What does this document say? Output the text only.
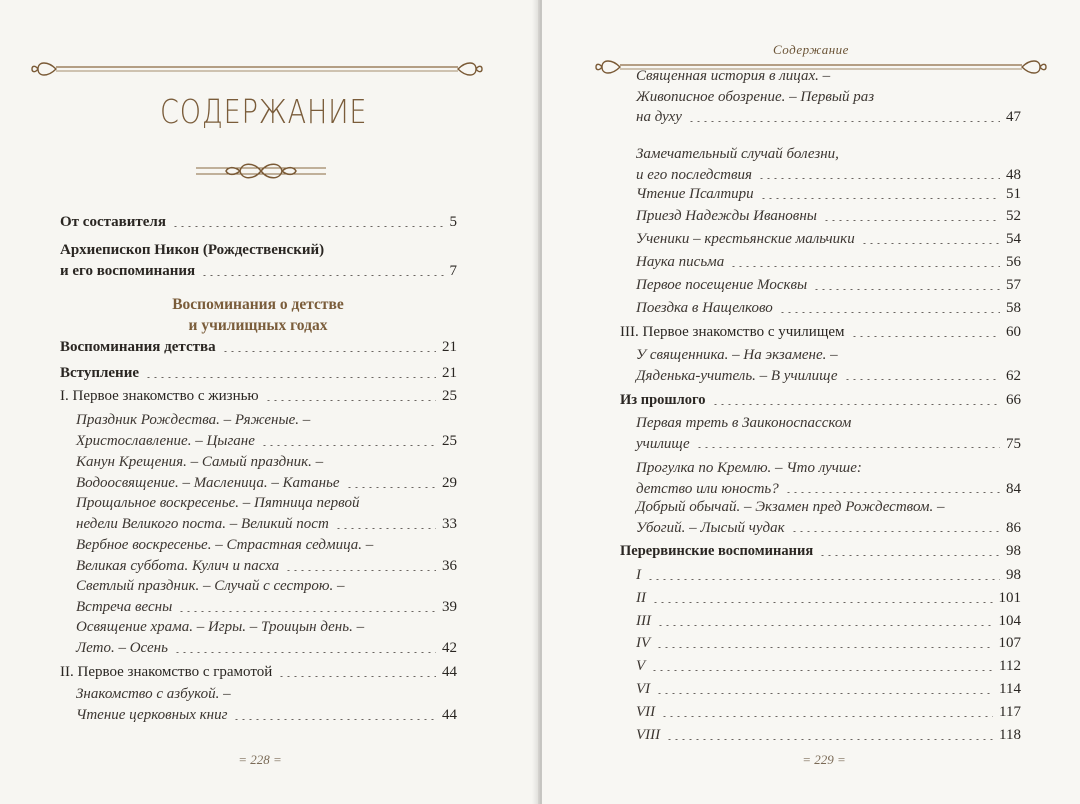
СОДЕРЖАНИЕ
От составителя	5
Архиепископ Никон (Рождественский)
и его воспоминания	7
Воспоминания о детстве
и училищных годах
Воспоминания детства	21
Вступление	21
I. Первое знакомство с жизнью	25
Праздник Рождества. – Ряженые. –
Христославление. – Цыгане	25
Канун Крещения. – Самый праздник. –
Водоосвящение. – Масленица. – Катанье	29
Прощальное воскресенье. – Пятница первой
недели Великого поста. – Великий пост	33
Вербное воскресенье. – Страстная седмица. –
Великая суббота. Кулич и пасха	36
Светлый праздник. – Случай с сестрою. –
Встреча весны	39
Освящение храма. – Игры. – Троицын день. –
Лето. – Осень	42
II. Первое знакомство с грамотой	44
Знакомство с азбукой. –
Чтение церковных книг	44
= 228 =
Содержание
Священная история в лицах. –
Живописное обозрение. – Первый раз
на духу	47
Замечательный случай болезни,
и его последствия	48
Чтение Псалтири	51
Приезд Надежды Ивановны	52
Ученики – крестьянские мальчики	54
Наука письма	56
Первое посещение Москвы	57
Поездка в Нащелково	58
III. Первое знакомство с училищем	60
У священника. – На экзамене. –
Дяденька-учитель. – В училище	62
Из прошлого	66
Первая треть в Заиконоспасском
училище	75
Прогулка по Кремлю. – Что лучше:
детство или юность?	84
Добрый обычай. – Экзамен пред Рождеством. –
Убогий. – Лысый чудак	86
Перервинские воспоминания	98
I	98
II	101
III	104
IV	107
V	112
VI	114
VII	117
VIII	118
= 229 =
